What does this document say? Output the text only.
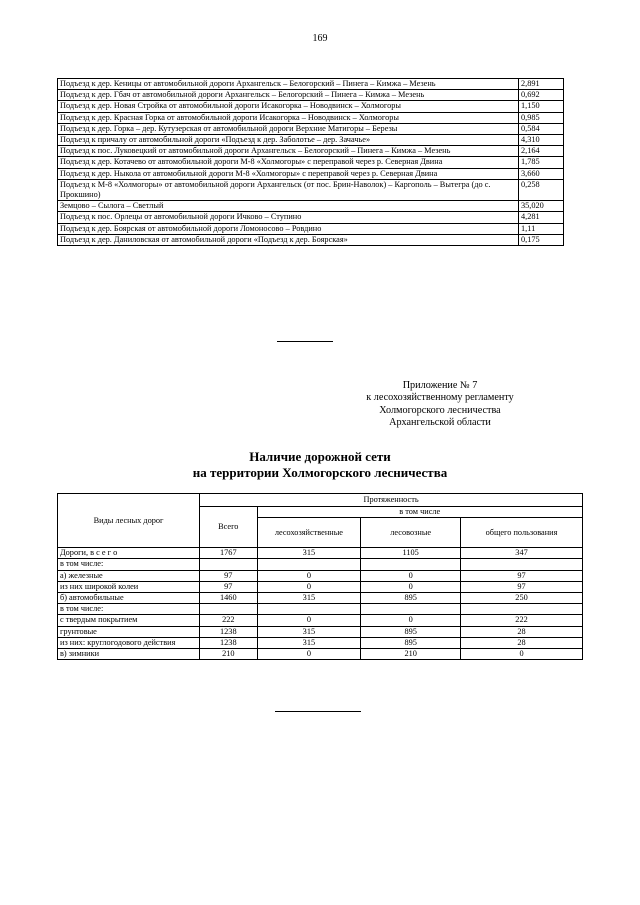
169
Подъезд к дер. Кеницы от автомобильной дороги Архангельск – Белогорский – Пинега – Кимжа – Мезень	2,891
Подъезд к дер. Гбач от автомобильной дороги Архангельск – Белогорский – Пинега – Кимжа – Мезень	0,692
Подъезд к дер. Новая Стройка от автомобильной дороги Исакогорка – Новодвинск – Холмогоры	1,150
Подъезд к дер. Красная Горка от автомобильной дороги Исакогорка – Новодвинск – Холмогоры	0,985
Подъезд к дер. Горка – дер. Кутузерская от автомобильной дороги Верхние Матигоры – Березы	0,584
Подъезд к причалу от автомобильной дороги «Подъезд к дер. Заболотье – дер. Зачачье»	4,310
Подъезд к пос. Луковецкий от автомобильной дороги Архангельск – Белогорский – Пинега – Кимжа – Мезень	2,164
Подъезд к дер. Котачево от автомобильной дороги М-8 «Холмогоры» с переправой через р. Северная Двина	1,785
Подъезд к дер. Ныкола от автомобильной дороги М-8 «Холмогоры» с переправой через р. Северная Двина	3,660
Подъезд к М-8 «Холмогоры» от автомобильной дороги Архангельск (от пос. Брин-Наволок) – Каргополь – Вытегра (до с. Прокшино)	0,258
Земцово – Сылога – Светлый	35,020
Подъезд к пос. Орлецы от автомобильной дороги Ичково – Ступино	4,281
Подъезд к дер. Боярская от автомобильной дороги Ломоносово – Ровдино	1,11
Подъезд к дер. Даниловская от автомобильной дороги «Подъезд к дер. Боярская»	0,175
Приложение № 7
к лесохозяйственному регламенту
Холмогорского лесничества
Архангельской области
Наличие дорожной сети
на территории Холмогорского лесничества
Виды лесных дорог	Протяженность			
	Всего	в том числе		
		лесохозяйственные	лесовозные	общего пользования
Дороги, в с е г о	1767	315	1105	347
в том числе:				
а) железные	97	0	0	97
из них широкой колеи	97	0	0	97
б) автомобильные	1460	315	895	250
в том числе:				
с твердым покрытием	222	0	0	222
грунтовые	1238	315	895	28
из них: круглогодового действия	1238	315	895	28
в) зимники	210	0	210	0
